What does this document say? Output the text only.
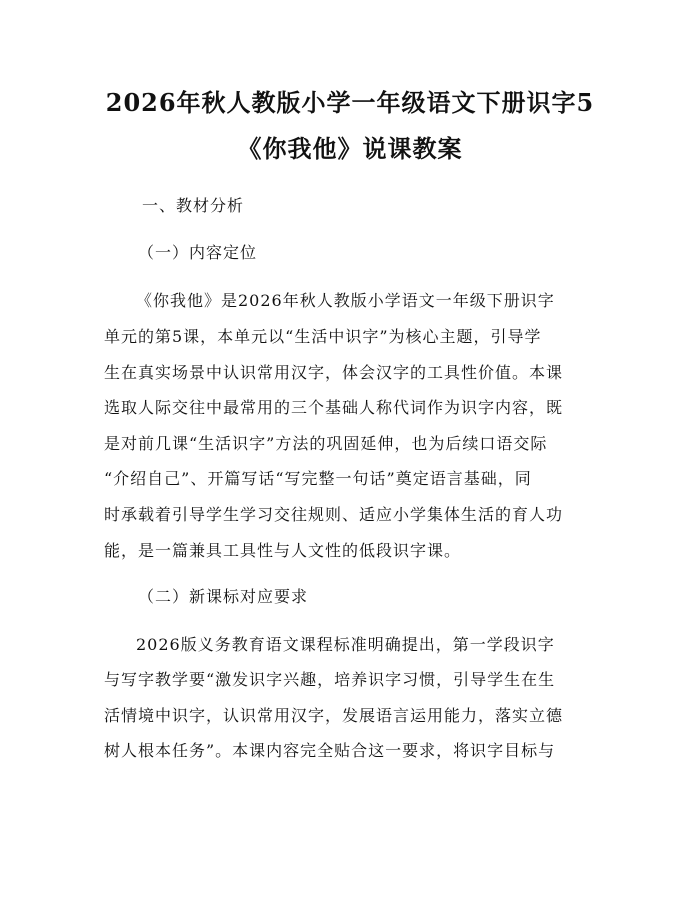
2026年秋人教版小学一年级语文下册识字5
《你我他》说课教案
一、教材分析
（一）内容定位
《你我他》是2026年秋人教版小学语文一年级下册识字
单元的第5课，本单元以“生活中识字”为核心主题，引导学
生在真实场景中认识常用汉字，体会汉字的工具性价值。本课
选取人际交往中最常用的三个基础人称代词作为识字内容，既
是对前几课“生活识字”方法的巩固延伸，也为后续口语交际
“介绍自己”、开篇写话“写完整一句话”奠定语言基础，同
时承载着引导学生学习交往规则、适应小学集体生活的育人功
能，是一篇兼具工具性与人文性的低段识字课。
（二）新课标对应要求
2026版义务教育语文课程标准明确提出，第一学段识字
与写字教学要“激发识字兴趣，培养识字习惯，引导学生在生
活情境中识字，认识常用汉字，发展语言运用能力，落实立德
树人根本任务”。本课内容完全贴合这一要求，将识字目标与
